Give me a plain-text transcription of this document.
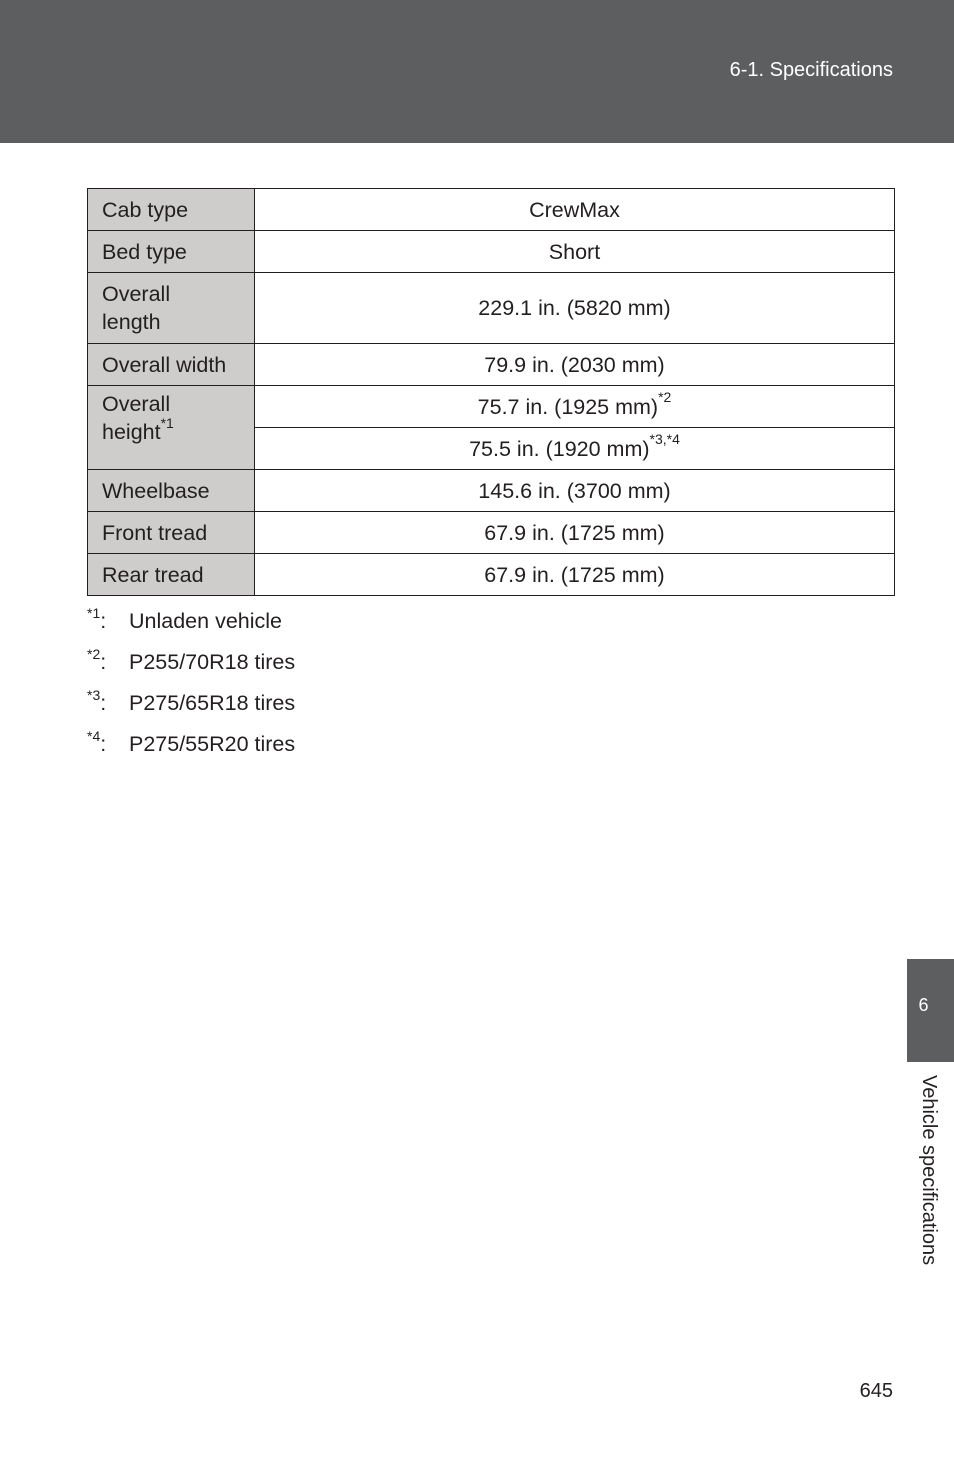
6-1. Specifications
Cab type	CrewMax
Bed type	Short
Overall
length	229.1 in. (5820 mm)
Overall width	79.9 in. (2030 mm)

Overall
height$^{*1}$	75.7 in. (1925 mm)$^{*2}$
	75.5 in. (1920 mm)$^{*3,*4}$
Wheelbase	145.6 in. (3700 mm)
Front tread	67.9 in. (1725 mm)
Rear tread	67.9 in. (1725 mm)
$^{*1}$: Unladen vehicle
$^{*2}$: P255/70R18 tires
$^{*3}$: P275/65R18 tires
$^{*4}$: P275/55R20 tires
6
Vehicle specifications
645
